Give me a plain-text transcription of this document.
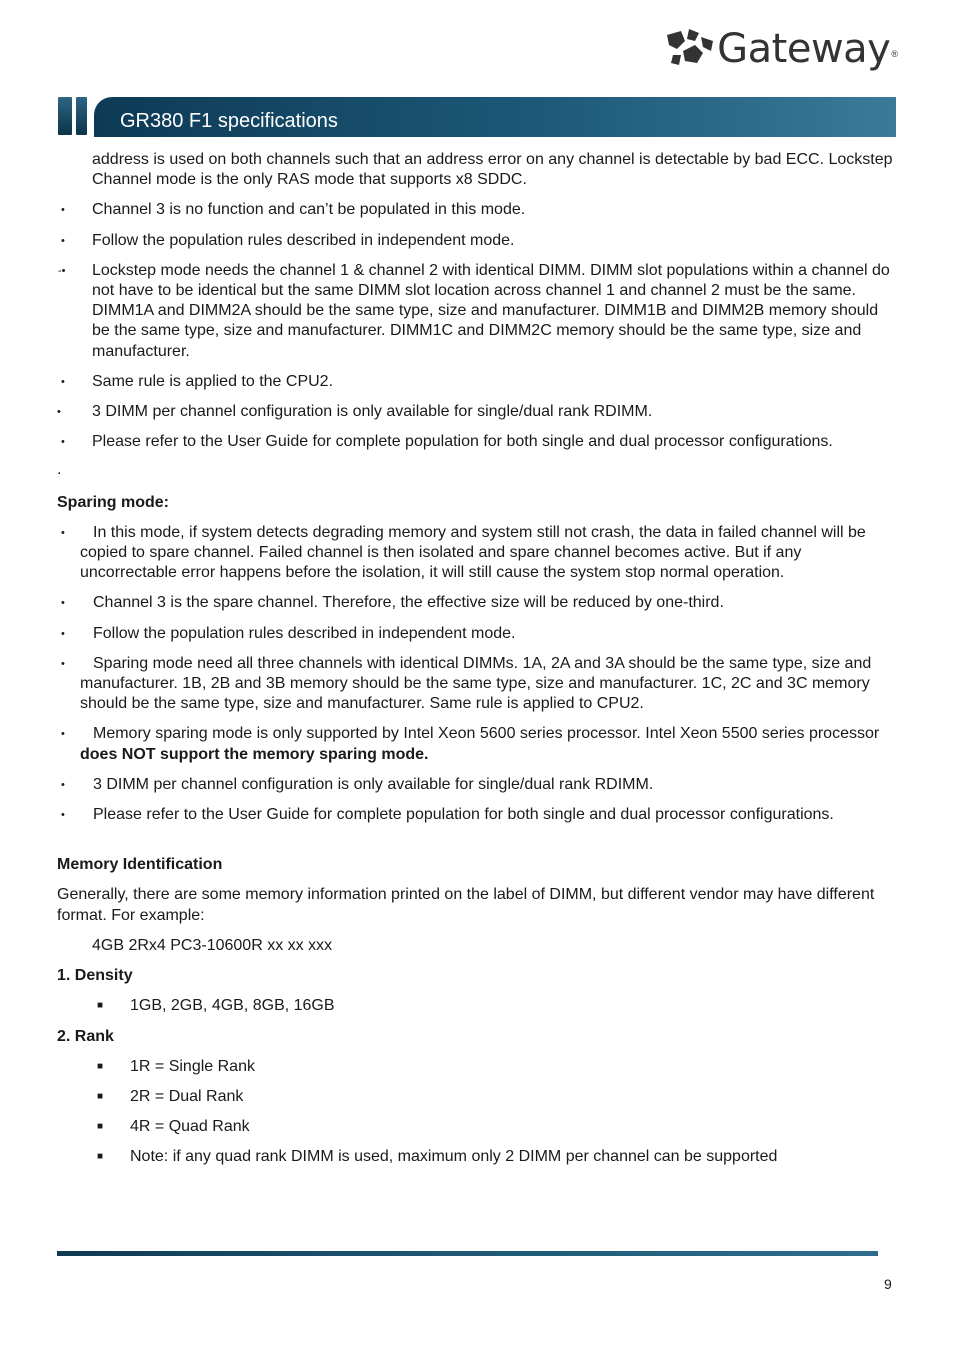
Gateway ®
GR380 F1 specifications

address is used on both channels such that an address error on any channel is detectable by bad ECC. Lockstep Channel mode is the only RAS mode that supports x8 SDDC.

•	Channel 3 is no function and can’t be populated in this mode.

•	Follow the population rules described in independent mode.

-•	Lockstep mode needs the channel 1 & channel 2 with identical DIMM. DIMM slot populations within a channel do not have to be identical but the same DIMM slot location across channel 1 and channel 2 must be the same. DIMM1A and DIMM2A should be the same type, size and manufacturer. DIMM1B and DIMM2B memory should be the same type, size and manufacturer. DIMM1C and DIMM2C memory should be the same type, size and manufacturer.

•	Same rule is applied to the CPU2.

•	3 DIMM per channel configuration is only available for single/dual rank RDIMM.

•	Please refer to the User Guide for complete population for both single and dual processor configurations.

.

Sparing mode:
•	In this mode, if system detects degrading memory and system still not crash, the data in failed channel will be copied to spare channel. Failed channel is then isolated and spare channel becomes active. But if any uncorrectable error happens before the isolation, it will still cause the system stop normal operation.

•	Channel 3 is the spare channel. Therefore, the effective size will be reduced by one-third.

•	Follow the population rules described in independent mode.

•	Sparing mode need all three channels with identical DIMMs. 1A, 2A and 3A should be the same type, size and manufacturer. 1B, 2B and 3B memory should be the same type, size and manufacturer. 1C, 2C and 3C memory should be the same type, size and manufacturer. Same rule is applied to CPU2.

•	Memory sparing mode is only supported by Intel Xeon 5600 series processor. Intel Xeon 5500 series processor does NOT support the memory sparing mode.

•	3 DIMM per channel configuration is only available for single/dual rank RDIMM.

•	Please refer to the User Guide for complete population for both single and dual processor configurations.

Memory Identification

Generally, there are some memory information printed on the label of DIMM, but different vendor may have different format. For example:

4GB 2Rx4 PC3-10600R xx xx xxx

1. Density
■	1GB, 2GB, 4GB, 8GB, 16GB

2. Rank
■	1R = Single Rank

■	2R = Dual Rank

■	4R = Quad Rank

■	Note: if any quad rank DIMM is used, maximum only 2 DIMM per channel can be supported

9
